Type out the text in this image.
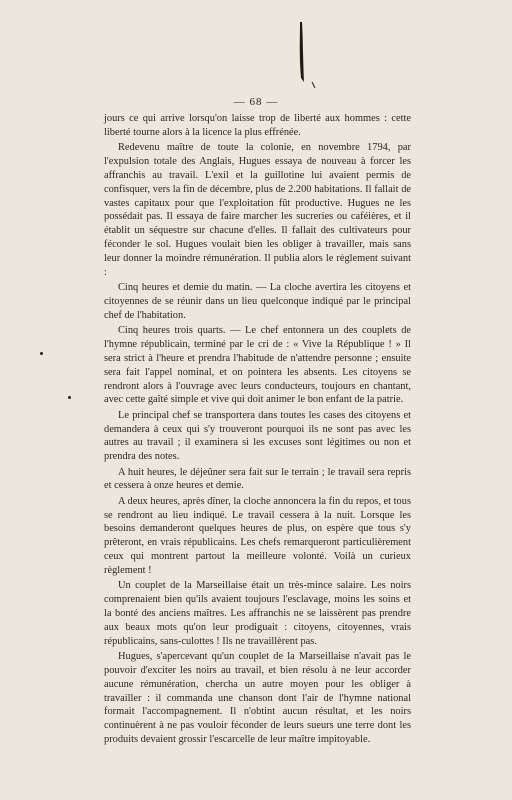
— 68 —

jours ce qui arrive lorsqu'on laisse trop de liberté aux hommes : cette liberté tourne alors à la licence la plus effrénée.

Redevenu maître de toute la colonie, en novembre 1794, par l'expulsion totale des Anglais, Hugues essaya de nouveau à forcer les affranchis au travail. L'exil et la guillotine lui avaient permis de confisquer, vers la fin de décembre, plus de 2.200 habitations. Il fallait de vastes capitaux pour que l'exploitation fût productive. Hugues ne les possédait pas. Il essaya de faire marcher les sucreries ou caféières, et il établit un séquestre sur chacune d'elles. Il fallait des cultivateurs pour féconder le sol. Hugues voulait bien les obliger à travailler, mais sans leur donner la moindre rémunération. Il publia alors le règlement suivant :

Cinq heures et demie du matin. — La cloche avertira les citoyens et citoyennes de se réunir dans un lieu quelconque indiqué par le principal chef de l'habitation.

Cinq heures trois quarts. — Le chef entonnera un des couplets de l'hymne républicain, terminé par le cri de : « Vive la République ! » Il sera strict à l'heure et prendra l'habitude de n'attendre personne ; ensuite sera fait l'appel nominal, et on pointera les absents. Les citoyens se rendront alors à l'ouvrage avec leurs conducteurs, toujours en chantant, avec cette gaîté simple et vive qui doit animer le bon enfant de la patrie.

Le principal chef se transportera dans toutes les cases des citoyens et demandera à ceux qui s'y trouveront pourquoi ils ne sont pas avec les autres au travail ; il examinera si les excuses sont légitimes ou non et prendra des notes.

A huit heures, le déjeûner sera fait sur le terrain ; le travail sera repris et cessera à onze heures et demie.

A deux heures, après dîner, la cloche annoncera la fin du repos, et tous se rendront au lieu indiqué. Le travail cessera à la nuit. Lorsque les besoins demanderont quelques heures de plus, on espère que tous s'y prêteront, en vrais républicains. Les chefs remarqueront particulièrement ceux qui montrent partout la meilleure volonté. Voilà un curieux règlement !

Un couplet de la Marseillaise était un très-mince salaire. Les noirs comprenaient bien qu'ils avaient toujours l'esclavage, moins les soins et la bonté des anciens maîtres. Les affranchis ne se laissèrent pas prendre aux beaux mots qu'on leur prodiguait : citoyens, citoyennes, vrais républicains, sans-culottes ! Ils ne travaillèrent pas.

Hugues, s'apercevant qu'un couplet de la Marseillaise n'avait pas le pouvoir d'exciter les noirs au travail, et bien résolu à ne leur accorder aucune rémunération, chercha un autre moyen pour les obliger à travailler : il commanda une chanson dont l'air de l'hymne national formait l'accompagnement. Il n'obtint aucun résultat, et les noirs continuèrent à ne pas vouloir féconder de leurs sueurs une terre dont les produits devaient grossir l'escarcelle de leur maître impitoyable.
